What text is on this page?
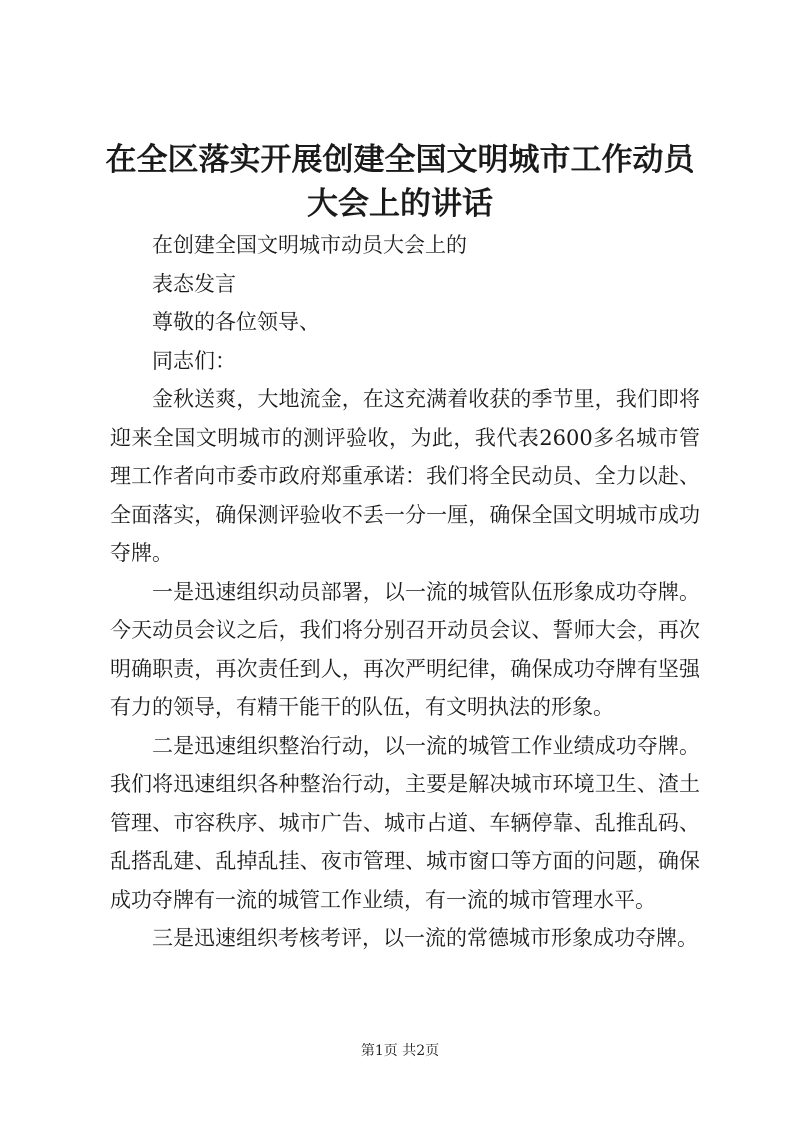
在全区落实开展创建全国文明城市工作动员大会上的讲话

在创建全国文明城市动员大会上的

表态发言

尊敬的各位领导、

同志们：

金秋送爽，大地流金，在这充满着收获的季节里，我们即将迎来全国文明城市的测评验收，为此，我代表2600多名城市管理工作者向市委市政府郑重承诺：我们将全民动员、全力以赴、全面落实，确保测评验收不丢一分一厘，确保全国文明城市成功夺牌。

一是迅速组织动员部署，以一流的城管队伍形象成功夺牌。今天动员会议之后，我们将分别召开动员会议、誓师大会，再次明确职责，再次责任到人，再次严明纪律，确保成功夺牌有坚强有力的领导，有精干能干的队伍，有文明执法的形象。

二是迅速组织整治行动，以一流的城管工作业绩成功夺牌。我们将迅速组织各种整治行动，主要是解决城市环境卫生、渣土管理、市容秩序、城市广告、城市占道、车辆停靠、乱推乱码、乱搭乱建、乱掉乱挂、夜市管理、城市窗口等方面的问题，确保成功夺牌有一流的城管工作业绩，有一流的城市管理水平。

三是迅速组织考核考评，以一流的常德城市形象成功夺牌。

第1页 共2页
